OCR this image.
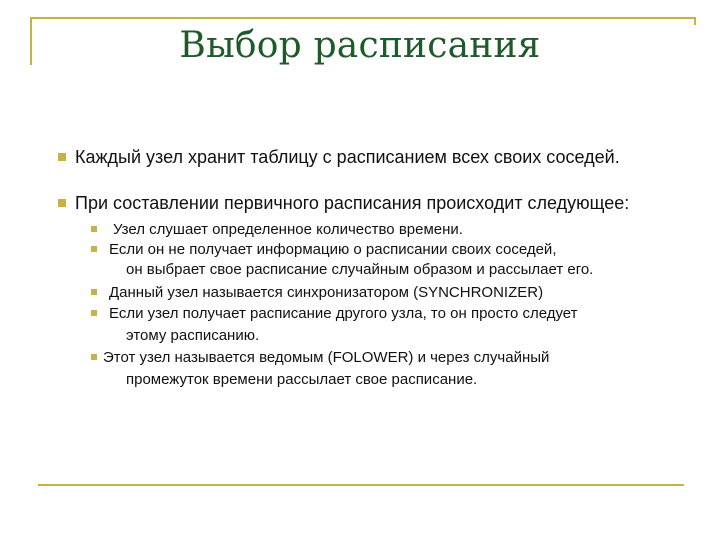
Выбор расписания
Каждый узел хранит таблицу с расписанием всех своих соседей.
При составлении первичного расписания происходит следующее:
Узел слушает определенное количество времени.
Если он не получает информацию о расписании своих соседей,
он выбрает свое расписание случайным образом и рассылает его.
Данный узел называется синхронизатором (SYNCHRONIZER)
Если узел получает расписание другого узла, то он просто следует
этому расписанию.
Этот узел называется ведомым (FOLOWER) и через случайный
промежуток времени рассылает свое расписание.
